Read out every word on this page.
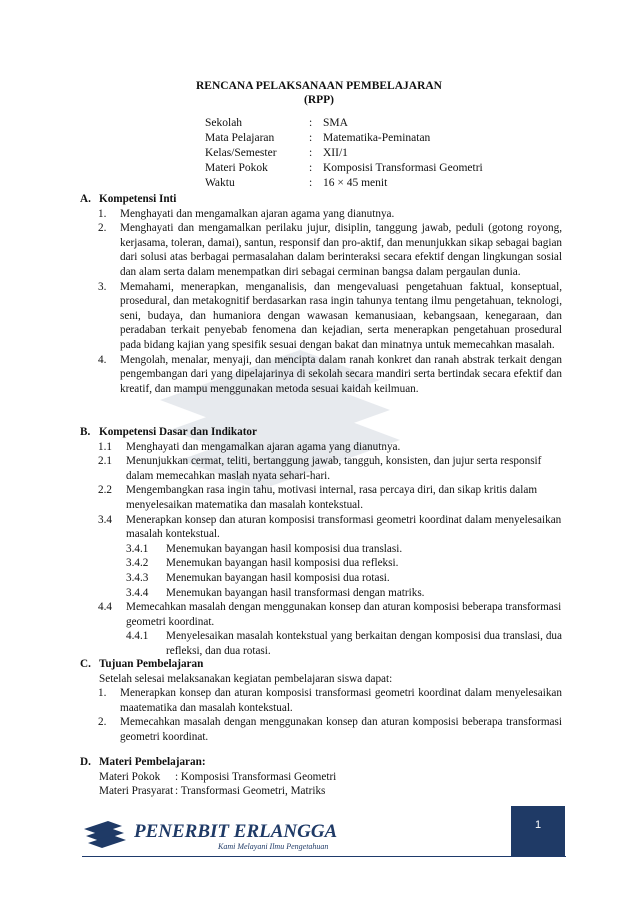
RENCANA PELAKSANAAN PEMBELAJARAN
(RPP)
Sekolah	: SMA
Mata Pelajaran	: Matematika-Peminatan
Kelas/Semester	: XII/1
Materi Pokok	: Komposisi Transformasi Geometri
Waktu	: 16 × 45 menit
A. Kompetensi Inti
1.	Menghayati dan mengamalkan ajaran agama yang dianutnya.
2.	Menghayati dan mengamalkan perilaku jujur, disiplin, tanggung jawab, peduli (gotong royong, kerjasama, toleran, damai), santun, responsif dan pro-aktif, dan menunjukkan sikap sebagai bagian dari solusi atas berbagai permasalahan dalam berinteraksi secara efektif dengan lingkungan sosial dan alam serta dalam menempatkan diri sebagai cerminan bangsa dalam pergaulan dunia.
3.	Memahami, menerapkan, menganalisis, dan mengevaluasi pengetahuan faktual, konseptual, prosedural, dan metakognitif berdasarkan rasa ingin tahunya tentang ilmu pengetahuan, teknologi, seni, budaya, dan humaniora dengan wawasan kemanusiaan, kebangsaan, kenegaraan, dan peradaban terkait penyebab fenomena dan kejadian, serta menerapkan pengetahuan prosedural pada bidang kajian yang spesifik sesuai dengan bakat dan minatnya untuk memecahkan masalah.
4.	Mengolah, menalar, menyaji, dan mencipta dalam ranah konkret dan ranah abstrak terkait dengan pengembangan dari yang dipelajarinya di sekolah secara mandiri serta bertindak secara efektif dan kreatif, dan mampu menggunakan metoda sesuai kaidah keilmuan.
B. Kompetensi Dasar dan Indikator
1.1	Menghayati dan mengamalkan ajaran agama yang dianutnya.
2.1	Menunjukkan cermat, teliti, bertanggung jawab, tangguh, konsisten, dan jujur serta responsif dalam memecahkan maslah nyata sehari-hari.
2.2	Mengembangkan rasa ingin tahu, motivasi internal, rasa percaya diri, dan sikap kritis dalam menyelesaikan matematika dan masalah kontekstual.
3.4	Menerapkan konsep dan aturan komposisi transformasi geometri koordinat dalam menyelesaikan masalah kontekstual.
3.4.1	Menemukan bayangan hasil komposisi dua translasi.
3.4.2	Menemukan bayangan hasil komposisi dua refleksi.
3.4.3	Menemukan bayangan hasil komposisi dua rotasi.
3.4.4	Menemukan bayangan hasil transformasi dengan matriks.
4.4	Memecahkan masalah dengan menggunakan konsep dan aturan komposisi beberapa transformasi geometri koordinat.
4.4.1	Menyelesaikan masalah kontekstual yang berkaitan dengan komposisi dua translasi, dua refleksi, dan dua rotasi.
C. Tujuan Pembelajaran
Setelah selesai melaksanakan kegiatan pembelajaran siswa dapat:
1.	Menerapkan konsep dan aturan komposisi transformasi geometri koordinat dalam menyelesaikan maatematika dan masalah kontekstual.
2.	Memecahkan masalah dengan menggunakan konsep dan aturan komposisi beberapa transformasi geometri koordinat.
D. Materi Pembelajaran:
Materi Pokok	: Komposisi Transformasi Geometri
Materi Prasyarat : Transformasi Geometri, Matriks
PENERBIT ERLANGGA
Kami Melayani Ilmu Pengetahuan
1
